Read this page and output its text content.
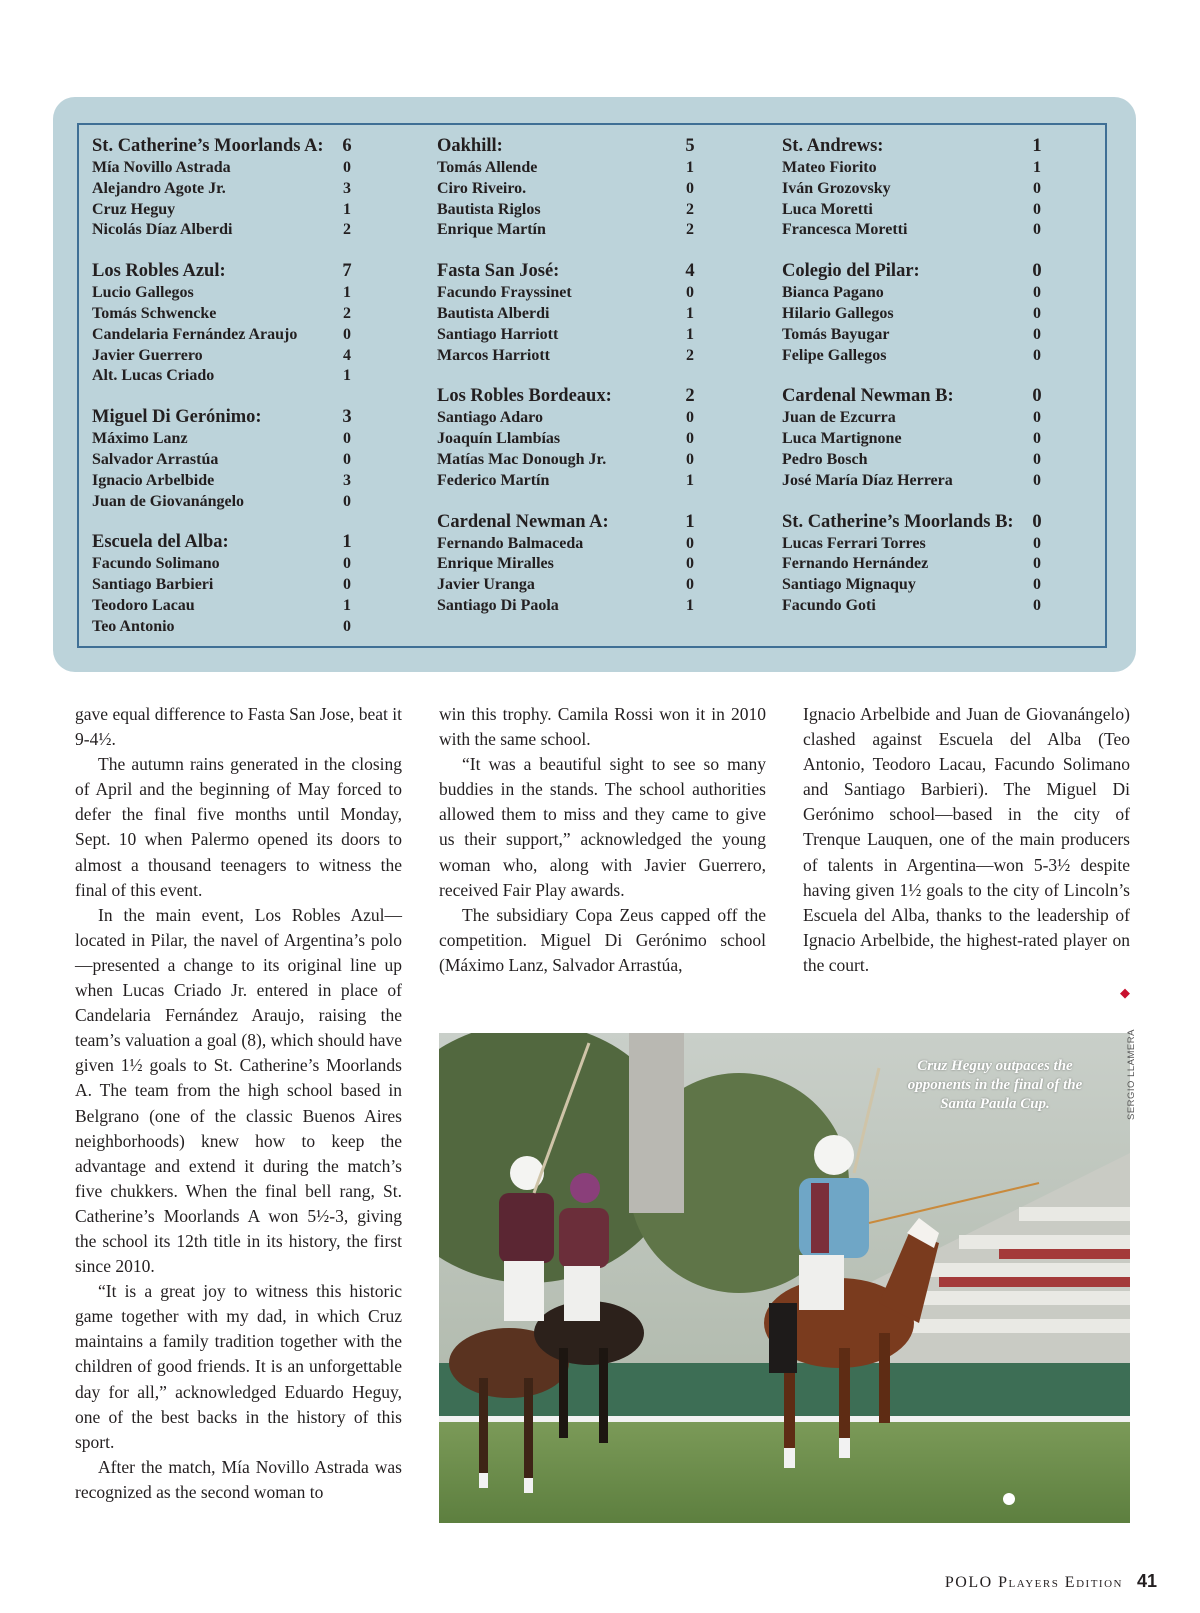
St. Catherine’s Moorlands A: 6
Mía Novillo Astrada	0
Alejandro Agote Jr.	3
Cruz Heguy	1
Nicolás Díaz Alberdi	2
Los Robles Azul:	7
Lucio Gallegos	1
Tomás Schwencke	2
Candelaria Fernández Araujo	0
Javier Guerrero	4
Alt. Lucas Criado	1
Miguel Di Gerónimo:	3
Máximo Lanz	0
Salvador Arrastúa	0
Ignacio Arbelbide	3
Juan de Giovanángelo	0
Escuela del Alba:	1
Facundo Solimano	0
Santiago Barbieri	0
Teodoro Lacau	1
Teo Antonio	0
Oakhill:	5
Tomás Allende	1
Ciro Riveiro.	0
Bautista Riglos	2
Enrique Martín	2
Fasta San José:	4
Facundo Frayssinet	0
Bautista Alberdi	1
Santiago Harriott	1
Marcos Harriott	2
Los Robles Bordeaux:	2
Santiago Adaro	0
Joaquín Llambías	0
Matías Mac Donough Jr.	0
Federico Martín	1
Cardenal Newman A:	1
Fernando Balmaceda	0
Enrique Miralles	0
Javier Uranga	0
Santiago Di Paola	1
St. Andrews:	1
Mateo Fiorito	1
Iván Grozovsky	0
Luca Moretti	0
Francesca Moretti	0
Colegio del Pilar:	0
Bianca Pagano	0
Hilario Gallegos	0
Tomás Bayugar	0
Felipe Gallegos	0
Cardenal Newman B:	0
Juan de Ezcurra	0
Luca Martignone	0
Pedro Bosch	0
José María Díaz Herrera	0
St. Catherine’s Moorlands B: 0
Lucas Ferrari Torres	0
Fernando Hernández	0
Santiago Mignaquy	0
Facundo Goti	0

gave equal difference to Fasta San Jose, beat it 9-4½.

The autumn rains generated in the closing of April and the beginning of May forced to defer the final five months until Monday, Sept. 10 when Palermo opened its doors to almost a thousand teenagers to witness the final of this event.

In the main event, Los Robles Azul—located in Pilar, the navel of Argentina’s polo—presented a change to its original line up when Lucas Criado Jr. entered in place of Candelaria Fernández Araujo, raising the team’s valuation a goal (8), which should have given 1½ goals to St. Catherine’s Moorlands A. The team from the high school based in Belgrano (one of the classic Buenos Aires neighborhoods) knew how to keep the advantage and extend it during the match’s five chukkers. When the final bell rang, St. Catherine’s Moorlands A won 5½-3, giving the school its 12th title in its history, the first since 2010.

“It is a great joy to witness this historic game together with my dad, in which Cruz maintains a family tradition together with the children of good friends. It is an unforgettable day for all,” acknowledged Eduardo Heguy, one of the best backs in the history of this sport.

After the match, Mía Novillo Astrada was recognized as the second woman to

win this trophy. Camila Rossi won it in 2010 with the same school.

“It was a beautiful sight to see so many buddies in the stands. The school authorities allowed them to miss and they came to give us their support,” acknowledged the young woman who, along with Javier Guerrero, received Fair Play awards.

The subsidiary Copa Zeus capped off the competition. Miguel Di Gerónimo school (Máximo Lanz, Salvador Arrastúa,

Ignacio Arbelbide and Juan de Giovanángelo) clashed against Escuela del Alba (Teo Antonio, Teodoro Lacau, Facundo Solimano and Santiago Barbieri). The Miguel Di Gerónimo school—based in the city of Trenque Lauquen, one of the main producers of talents in Argentina—won 5-3½ despite having given 1½ goals to the city of Lincoln’s Escuela del Alba, thanks to the leadership of Ignacio Arbelbide, the highest-rated player on the court.

◆
Cruz Heguy outpaces the opponents in the final of the Santa Paula Cup.	SERGIO LLAMERA
POLO Players Edition 41
